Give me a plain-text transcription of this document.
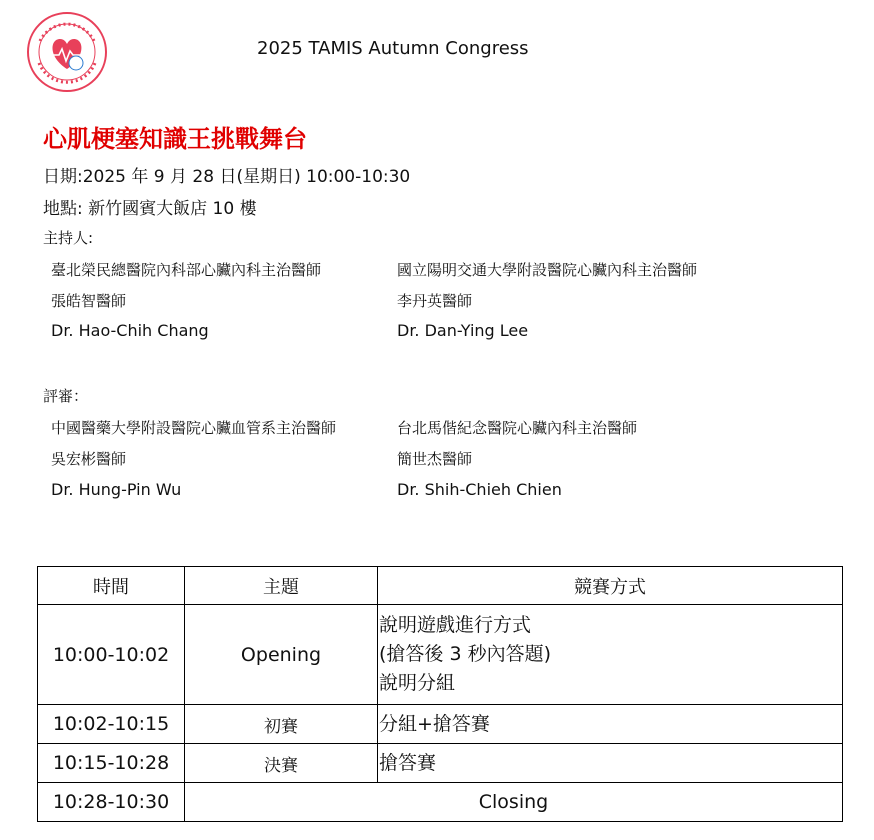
2025 TAMIS Autumn Congress
心肌梗塞知識王挑戰舞台
日期:2025 年 9 月 28 日(星期日) 10:00-10:30
地點: 新竹國賓大飯店 10 樓
主持人:
臺北榮民總醫院內科部心臟內科主治醫師
張皓智醫師
Dr. Hao-Chih Chang
國立陽明交通大學附設醫院心臟內科主治醫師
李丹英醫師
Dr. Dan-Ying Lee
評審：
中國醫藥大學附設醫院心臟血管系主治醫師
吳宏彬醫師
Dr. Hung-Pin Wu
台北馬偕紀念醫院心臟內科主治醫師
簡世杰醫師
Dr. Shih-Chieh Chien
時間	主題	競賽方式
10:00-10:02	Opening	說明遊戲進行方式
(搶答後 3 秒內答題)
說明分組

10:02-10:15	初賽	分組+搶答賽

10:15-10:28	決賽	搶答賽

10:28-10:30	Closing	
